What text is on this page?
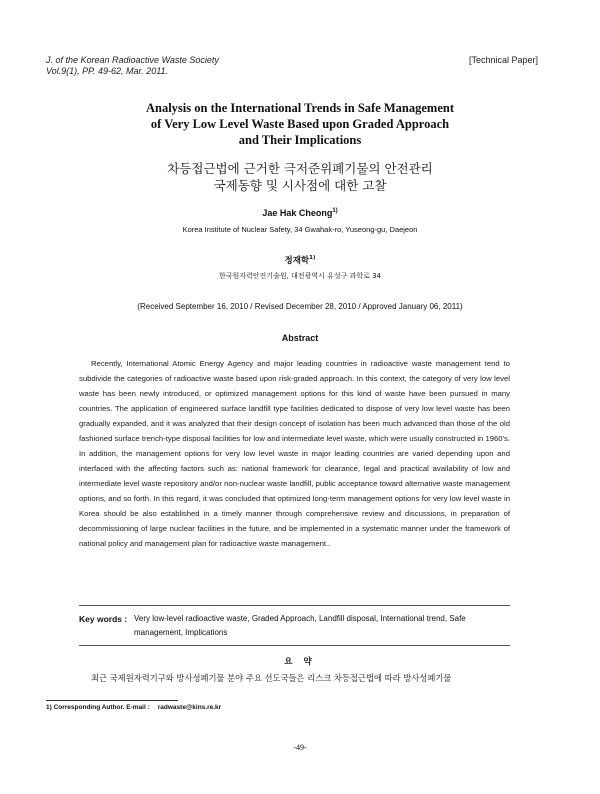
J. of the Korean Radioactive Waste Society
Vol.9(1), PP. 49-62, Mar. 2011.
[Technical Paper]
Analysis on the International Trends in Safe Management
of Very Low Level Waste Based upon Graded Approach
and Their Implications
차등접근법에 근거한 극저준위폐기물의 안전관리
국제동향 및 시사점에 대한 고찰
Jae Hak Cheong$^{1)}$
Korea Institute of Nuclear Safety, 34 Gwahak-ro, Yuseong-gu, Daejeon
정재학$^{1)}$
한국원자력안전기술원, 대전광역시 유성구 과학로 34
(Received September 16, 2010 / Revised December 28, 2010 / Approved January 06, 2011)
Abstract
Recently, International Atomic Energy Agency and major leading countries in radioactive waste management tend to subdivide the categories of radioactive waste based upon risk-graded approach. In this context, the category of very low level waste has been newly introduced, or optimized management options for this kind of waste have been pursued in many countries. The application of engineered surface landfill type facilities dedicated to dispose of very low level waste has been gradually expanded, and it was analyzed that their design concept of isolation has been much advanced than those of the old fashioned surface trench-type disposal facilities for low and intermediate level waste, which were usually constructed in 1960's. In addition, the management options for very low level waste in major leading countries are varied depending upon and interfaced with the affecting factors such as: national framework for clearance, legal and practical availability of low and intermediate level waste repository and/or non-nuclear waste landfill, public acceptance toward alternative waste management options, and so forth. In this regard, it was concluded that optimized long-term management options for very low level waste in Korea should be also established in a timely manner through comprehensive review and discussions, in preparation of decommissioning of large nuclear facilities in the future, and be implemented in a systematic manner under the framework of national policy and management plan for radioactive waste management..
Key words : Very low-level radioactive waste, Graded Approach, Landfill disposal, International trend, Safe management, Implications
요 약
최근 국제원자력기구와 방사성폐기물 분야 주요 선도국들은 리스크 차등접근법에 따라 방사성폐기물
1) Corresponding Author. E-mail : radwaste@kins.re.kr
-49-
